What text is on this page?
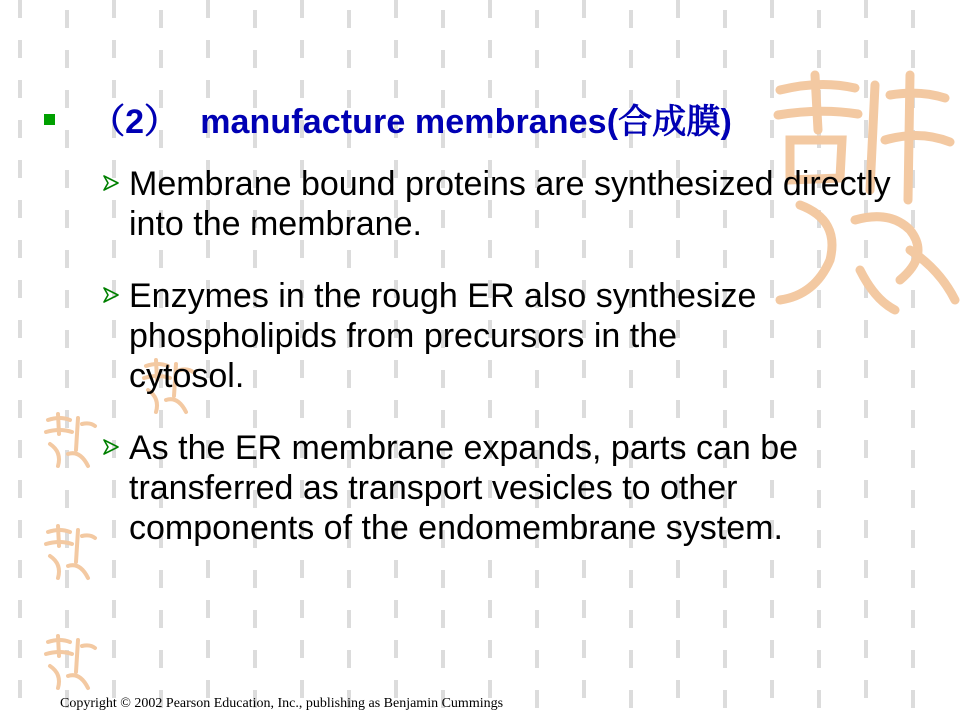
（2） manufacture membranes(合成膜)
Membrane bound proteins are synthesized directly into the membrane.
Enzymes in the rough ER also synthesize phospholipids from precursors in the cytosol.
As the ER membrane expands, parts can be transferred as transport vesicles to other components of the endomembrane system.
Copyright © 2002 Pearson Education, Inc., publishing as Benjamin Cummings
